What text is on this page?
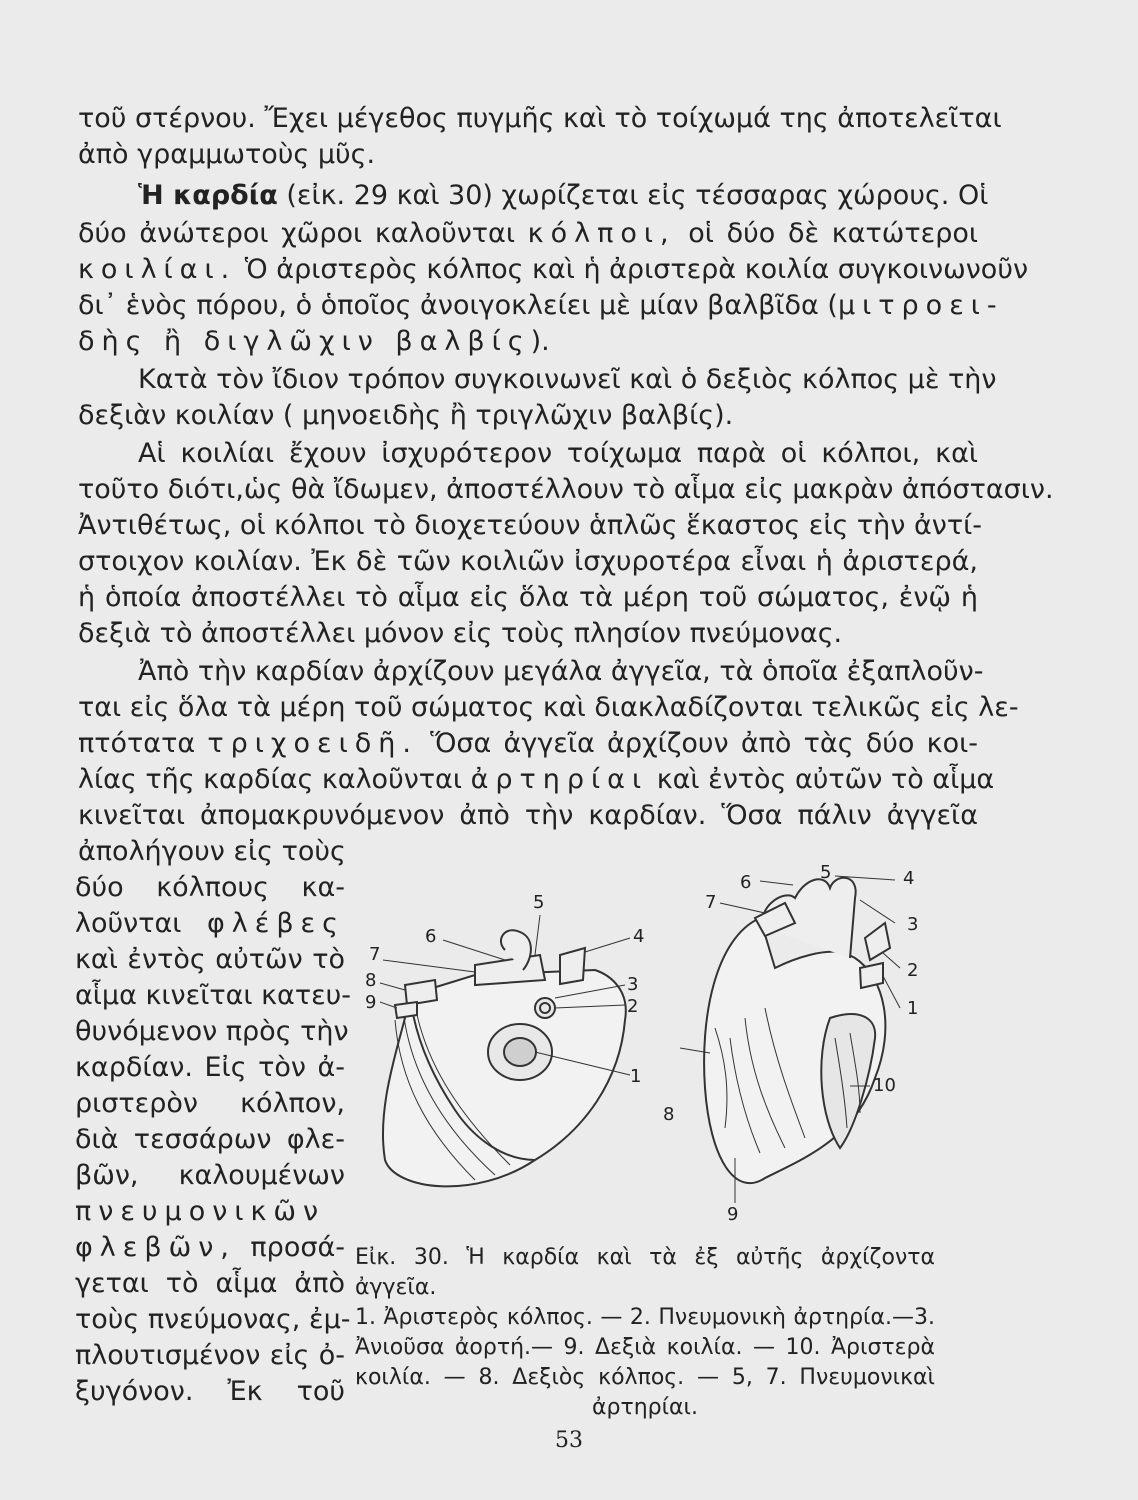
τοῦ στέρνου. Ἔχει μέγεθος πυγμῆς καὶ τὸ τοίχωμά της ἀποτελεῖται
ἀπὸ γραμμωτοὺς μῦς.
Ἡ καρδία (εἰκ. 29 καὶ 30) χωρίζεται εἰς τέσσαρας χώρους. Οἱ
δύο ἀνώτεροι χῶροι καλοῦνται κόλποι, οἱ δύο δὲ κατώτεροι
κοιλίαι. Ὁ ἀριστερὸς κόλπος καὶ ἡ ἀριστερὰ κοιλία συγκοινωνοῦν
δι᾽ ἑνὸς πόρου, ὁ ὁποῖος ἀνοιγοκλείει μὲ μίαν βαλβῖδα (μιτροει-
δὴς ἢ διγλῶχιν βαλβίς).
Κατὰ τὸν ἴδιον τρόπον συγκοινωνεῖ καὶ ὁ δεξιὸς κόλπος μὲ τὴν
δεξιὰν κοιλίαν ( μηνοειδὴς ἢ τριγλῶχιν βαλβίς).
Αἱ κοιλίαι ἔχουν ἰσχυρότερον τοίχωμα παρὰ οἱ κόλποι, καὶ
τοῦτο διότι,ὡς θὰ ἴδωμεν, ἀποστέλλουν τὸ αἷμα εἰς μακρὰν ἀπόστασιν.
Ἀντιθέτως, οἱ κόλποι τὸ διοχετεύουν ἁπλῶς ἕκαστος εἰς τὴν ἀντί-
στοιχον κοιλίαν. Ἐκ δὲ τῶν κοιλιῶν ἰσχυροτέρα εἶναι ἡ ἀριστερά,
ἡ ὁποία ἀποστέλλει τὸ αἷμα εἰς ὅλα τὰ μέρη τοῦ σώματος, ἐνῷ ἡ
δεξιὰ τὸ ἀποστέλλει μόνον εἰς τοὺς πλησίον πνεύμονας.
Ἀπὸ τὴν καρδίαν ἀρχίζουν μεγάλα ἀγγεῖα, τὰ ὁποῖα ἐξαπλοῦν-
ται εἰς ὅλα τὰ μέρη τοῦ σώματος καὶ διακλαδίζονται τελικῶς εἰς λε-
πτότατα τριχοειδῆ. Ὅσα ἀγγεῖα ἀρχίζουν ἀπὸ τὰς δύο κοι-
λίας τῆς καρδίας καλοῦνται ἀρτηρίαι καὶ ἐντὸς αὐτῶν τὸ αἷμα
κινεῖται ἀπομακρυνόμενον ἀπὸ τὴν καρδίαν. Ὅσα πάλιν ἀγγεῖα
ἀπολήγουν εἰς τοὺς
δύο κόλπους κα-
λοῦνται φλέβες
καὶ ἐντὸς αὐτῶν τὸ
αἷμα κινεῖται κατευ-
θυνόμενον πρὸς τὴν
καρδίαν. Εἰς τὸν ἀ-
ριστερὸν κόλπον,
διὰ τεσσάρων φλε-
βῶν, καλουμένων
πνευμονικῶν
φλεβῶν, προσά-
γεται τὸ αἷμα ἀπὸ
τοὺς πνεύμονας, ἐμ-
πλουτισμένον εἰς ὀ-
ξυγόνον. Ἐκ τοῦ
5
6
7
8
9
4
3
2
1
6	5	4
7
3
2
1
10
8
9
Εἰκ. 30. Ἡ καρδία καὶ τὰ ἐξ αὐτῆς ἀρχίζοντα ἀγγεῖα.
1. Ἀριστερὸς κόλπος. — 2. Πνευμονικὴ ἀρτηρία.—3.
Ἀνιοῦσα ἀορτή.— 9. Δεξιὰ κοιλία. — 10. Ἀριστερὰ
κοιλία. — 8. Δεξιὸς κόλπος. — 5, 7. Πνευμονικαὶ
ἀρτηρίαι.
53
